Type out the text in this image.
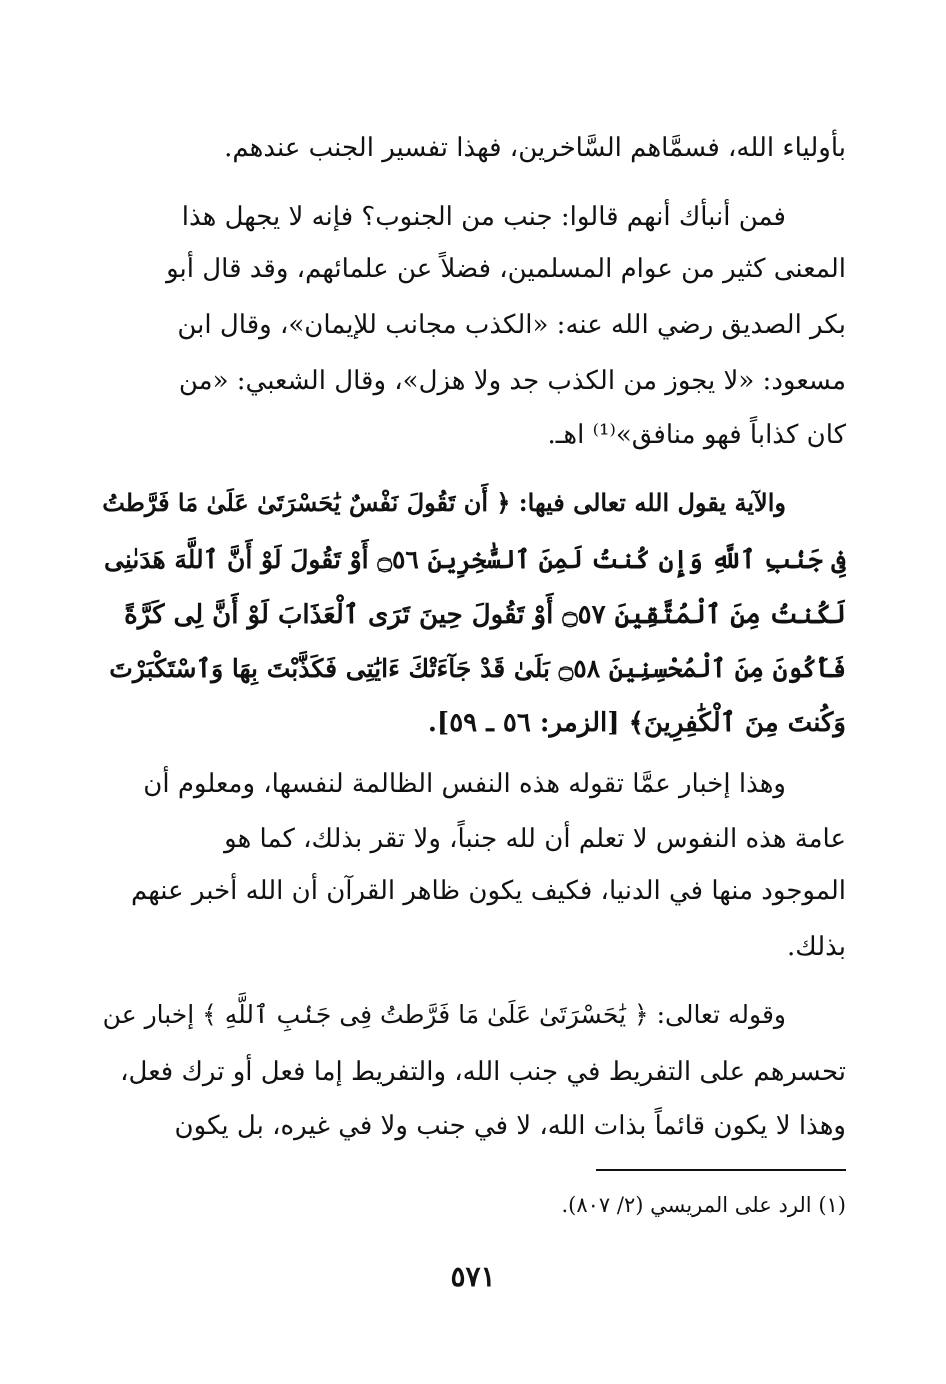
بأولياء الله، فسمَّاهم السَّاخرين، فهذا تفسير الجنب عندهم.
فمن أنبأك أنهم قالوا: جنب من الجنوب؟ فإنه لا يجهل هذا
المعنى كثير من عوام المسلمين، فضلاً عن علمائهم، وقد قال أبو
بكر الصديق رضي الله عنه: «الكذب مجانب للإيمان»، وقال ابن
مسعود: «لا يجوز من الكذب جد ولا هزل»، وقال الشعبي: «من
كان كذاباً فهو منافق»⁽¹⁾ اهـ.
والآية يقول الله تعالى فيها: ﴿ أَن تَقُولَ نَفْسٌ يَٰحَسْرَتَىٰ عَلَىٰ مَا فَرَّطتُ
فِى جَنۢبِ ٱللَّهِ وَإِن كُنتُ لَمِنَ ٱلسَّٰخِرِينَ ۝٥٦ أَوْ تَقُولَ لَوْ أَنَّ ٱللَّهَ هَدَىٰنِى
لَكُنتُ مِنَ ٱلْمُتَّقِينَ ۝٥٧ أَوْ تَقُولَ حِينَ تَرَى ٱلْعَذَابَ لَوْ أَنَّ لِى كَرَّةً
فَأَكُونَ مِنَ ٱلْمُحْسِنِينَ ۝٥٨ بَلَىٰ قَدْ جَآءَتْكَ ءَايَٰتِى فَكَذَّبْتَ بِهَا وَٱسْتَكْبَرْتَ
وَكُنتَ مِنَ ٱلْكَٰفِرِينَ﴾ [الزمر: ٥٦ ـ ٥٩].
وهذا إخبار عمَّا تقوله هذه النفس الظالمة لنفسها، ومعلوم أن
عامة هذه النفوس لا تعلم أن لله جنباً، ولا تقر بذلك، كما هو
الموجود منها في الدنيا، فكيف يكون ظاهر القرآن أن الله أخبر عنهم
بذلك.
وقوله تعالى: ﴿ يَٰحَسْرَتَىٰ عَلَىٰ مَا فَرَّطتُ فِى جَنۢبِ ٱللَّهِ ﴾ إخبار عن
تحسرهم على التفريط في جنب الله، والتفريط إما فعل أو ترك فعل،
وهذا لا يكون قائماً بذات الله، لا في جنب ولا في غيره، بل يكون
(١) الرد على المريسي (٢/ ٨٠٧).
٥٧١
